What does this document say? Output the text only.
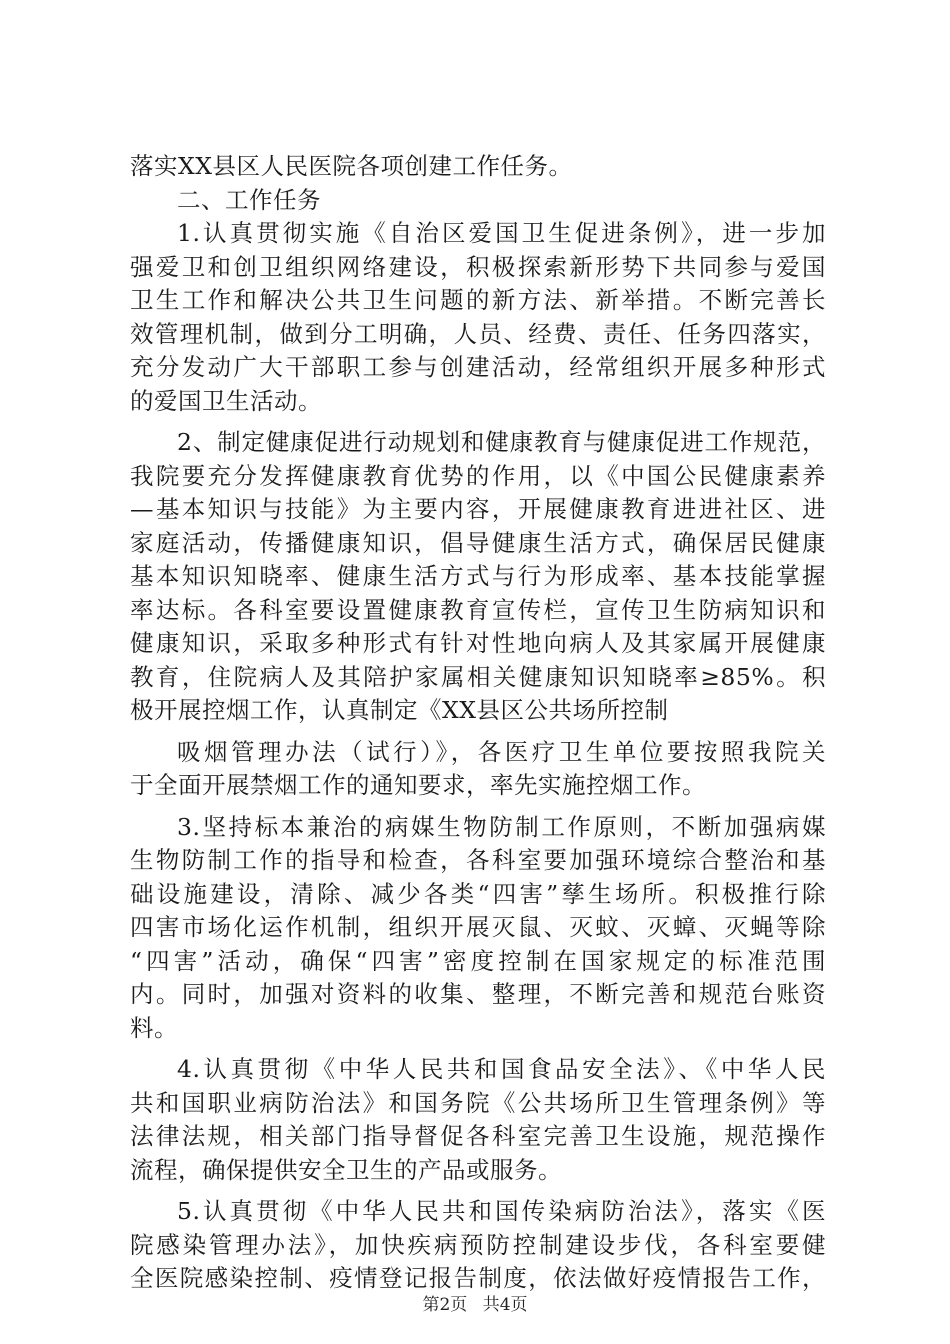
落实XX县区人民医院各项创建工作任务。
二、工作任务
1.认真贯彻实施《自治区爱国卫生促进条例》，进一步加
强爱卫和创卫组织网络建设，积极探索新形势下共同参与爱国
卫生工作和解决公共卫生问题的新方法、新举措。不断完善长
效管理机制，做到分工明确，人员、经费、责任、任务四落实，
充分发动广大干部职工参与创建活动，经常组织开展多种形式
的爱国卫生活动。
2、制定健康促进行动规划和健康教育与健康促进工作规范，
我院要充分发挥健康教育优势的作用，以《中国公民健康素养
—基本知识与技能》为主要内容，开展健康教育进进社区、进
家庭活动，传播健康知识，倡导健康生活方式，确保居民健康
基本知识知晓率、健康生活方式与行为形成率、基本技能掌握
率达标。各科室要设置健康教育宣传栏，宣传卫生防病知识和
健康知识，采取多种形式有针对性地向病人及其家属开展健康
教育，住院病人及其陪护家属相关健康知识知晓率≥85%。积
极开展控烟工作，认真制定《XX县区公共场所控制
吸烟管理办法（试行）》，各医疗卫生单位要按照我院关
于全面开展禁烟工作的通知要求，率先实施控烟工作。
3.坚持标本兼治的病媒生物防制工作原则，不断加强病媒
生物防制工作的指导和检查，各科室要加强环境综合整治和基
础设施建设，清除、减少各类“四害”孳生场所。积极推行除
四害市场化运作机制，组织开展灭鼠、灭蚊、灭蟑、灭蝇等除
“四害”活动，确保“四害”密度控制在国家规定的标准范围
内。同时，加强对资料的收集、整理，不断完善和规范台账资
料。
4.认真贯彻《中华人民共和国食品安全法》、《中华人民
共和国职业病防治法》和国务院《公共场所卫生管理条例》等
法律法规，相关部门指导督促各科室完善卫生设施，规范操作
流程，确保提供安全卫生的产品或服务。
5.认真贯彻《中华人民共和国传染病防治法》，落实《医
院感染管理办法》，加快疾病预防控制建设步伐，各科室要健
全医院感染控制、疫情登记报告制度，依法做好疫情报告工作，
第2页 共4页
